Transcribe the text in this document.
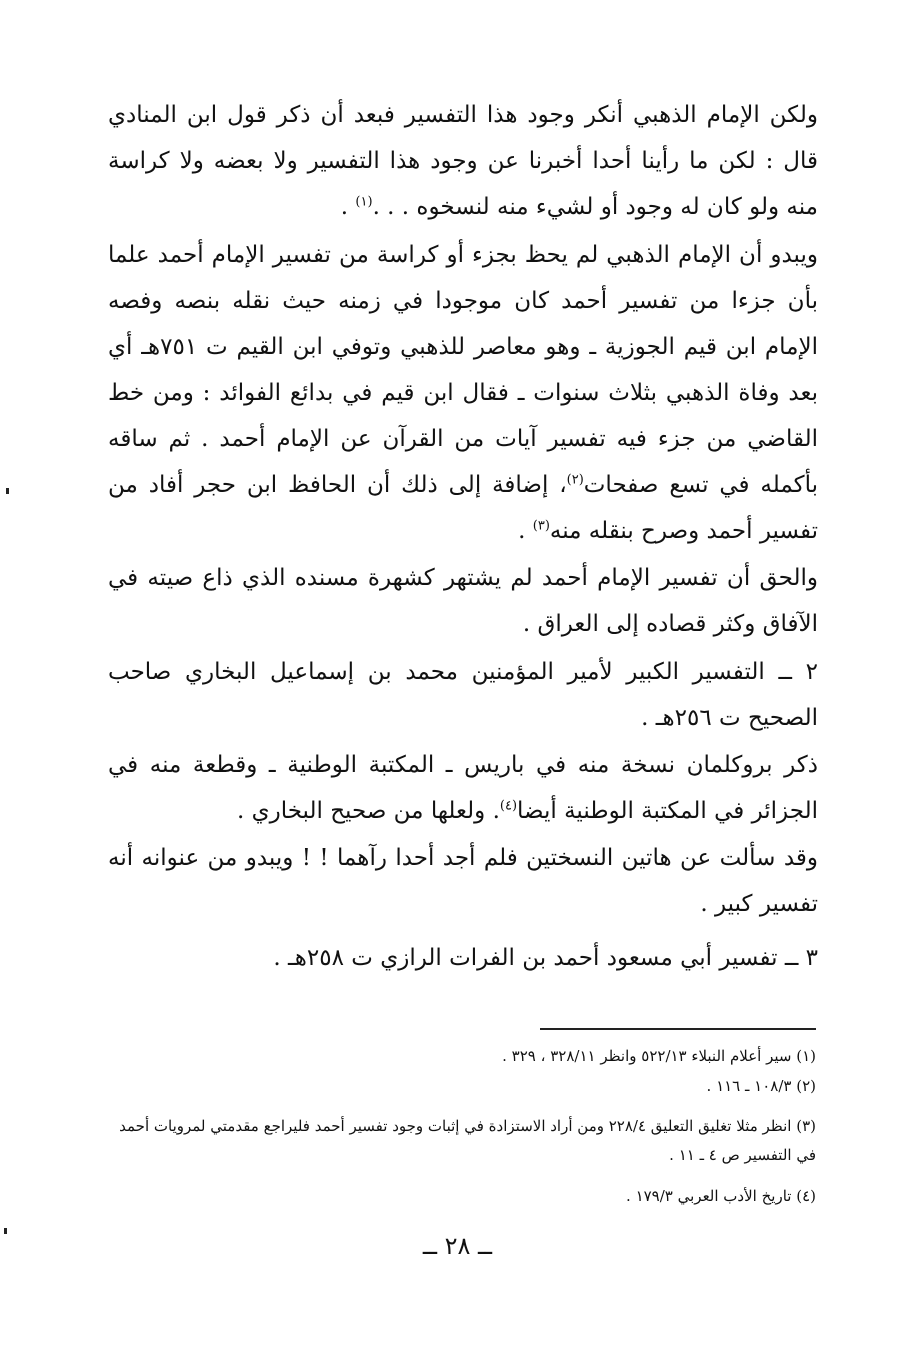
ولكن الإمام الذهبي أنكر وجود هذا التفسير فبعد أن ذكر قول ابن المنادي قال : لكن ما رأينا أحدا أخبرنا عن وجود هذا التفسير ولا بعضه ولا كراسة منه ولو كان له وجود أو لشيء منه لنسخوه . . .$^{(١)}$ .

ويبدو أن الإمام الذهبي لم يحظ بجزء أو كراسة من تفسير الإمام أحمد علما بأن جزءا من تفسير أحمد كان موجودا في زمنه حيث نقله بنصه وفصه الإمام ابن قيم الجوزية ـ وهو معاصر للذهبي وتوفي ابن القيم ت ٧٥١هـ أي بعد وفاة الذهبي بثلاث سنوات ـ فقال ابن قيم في بدائع الفوائد : ومن خط القاضي من جزء فيه تفسير آيات من القرآن عن الإمام أحمد . ثم ساقه بأكمله في تسع صفحات$^{(٢)}$، إضافة إلى ذلك أن الحافظ ابن حجر أفاد من تفسير أحمد وصرح بنقله منه$^{(٣)}$ .

والحق أن تفسير الإمام أحمد لم يشتهر كشهرة مسنده الذي ذاع صيته في الآفاق وكثر قصاده إلى العراق .

٢ ــ التفسير الكبير لأمير المؤمنين محمد بن إسماعيل البخاري صاحب الصحيح ت ٢٥٦هـ .

ذكر بروكلمان نسخة منه في باريس ـ المكتبة الوطنية ـ وقطعة منه في الجزائر في المكتبة الوطنية أيضا$^{(٤)}$. ولعلها من صحيح البخاري .

وقد سألت عن هاتين النسختين فلم أجد أحدا رآهما ! ! ويبدو من عنوانه أنه تفسير كبير .

٣ ــ تفسير أبي مسعود أحمد بن الفرات الرازي ت ٢٥٨هـ .

(١) سير أعلام النبلاء ٥٢٢/١٣ وانظر ٣٢٨/١١ ، ٣٢٩ .

(٢) ١٠٨/٣ ـ ١١٦ .

(٣) انظر مثلا تغليق التعليق ٢٢٨/٤ ومن أراد الاستزادة في إثبات وجود تفسير أحمد فليراجع مقدمتي لمرويات أحمد في التفسير ص ٤ ـ ١١ .

(٤) تاريخ الأدب العربي ١٧٩/٣ .

ــ ٢٨ ــ
